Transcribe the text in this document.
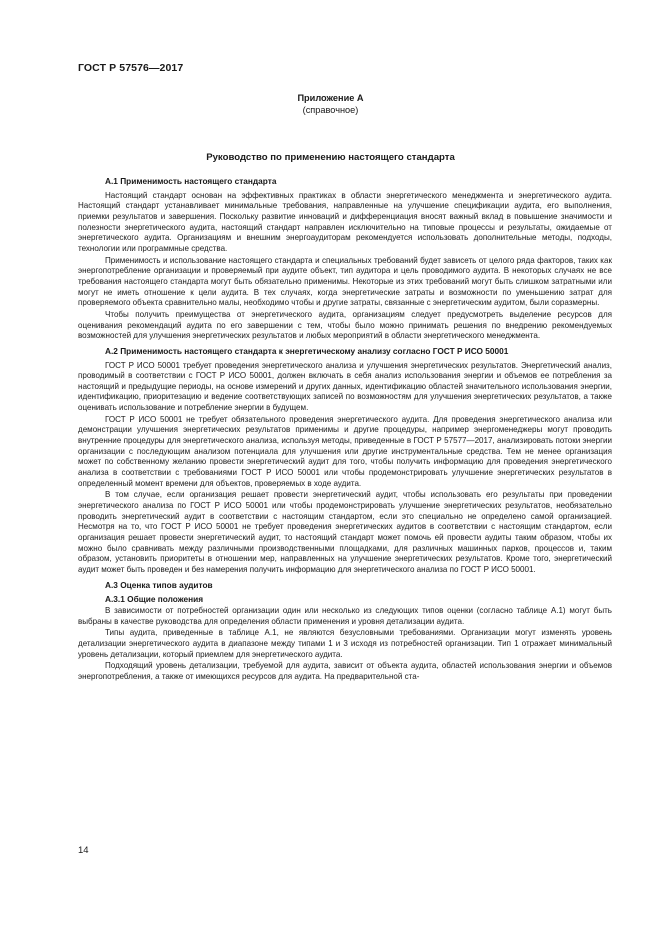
ГОСТ Р 57576—2017
Приложение А
(справочное)
Руководство по применению настоящего стандарта
А.1 Применимость настоящего стандарта
Настоящий стандарт основан на эффективных практиках в области энергетического менеджмента и энергетического аудита. Настоящий стандарт устанавливает минимальные требования, направленные на улучшение спецификации аудита, его выполнения, приемки результатов и завершения. Поскольку развитие инноваций и дифференциация вносят важный вклад в повышение значимости и полезности энергетического аудита, настоящий стандарт направлен исключительно на типовые процессы и результаты, ожидаемые от энергетического аудита. Организациям и внешним энергоаудиторам рекомендуется использовать дополнительные методы, подходы, технологии или программные средства.
Применимость и использование настоящего стандарта и специальных требований будет зависеть от целого ряда факторов, таких как энергопотребление организации и проверяемый при аудите объект, тип аудитора и цель проводимого аудита. В некоторых случаях не все требования настоящего стандарта могут быть обязательно применимы. Некоторые из этих требований могут быть слишком затратными или могут не иметь отношение к цели аудита. В тех случаях, когда энергетические затраты и возможности по уменьшению затрат для проверяемого объекта сравнительно малы, необходимо чтобы и другие затраты, связанные с энергетическим аудитом, были соразмерны.
Чтобы получить преимущества от энергетического аудита, организациям следует предусмотреть выделение ресурсов для оценивания рекомендаций аудита по его завершении с тем, чтобы было можно принимать решения по внедрению рекомендуемых возможностей для улучшения энергетических результатов и любых мероприятий в области энергетического менеджмента.
А.2 Применимость настоящего стандарта к энергетическому анализу согласно ГОСТ Р ИСО 50001
ГОСТ Р ИСО 50001 требует проведения энергетического анализа и улучшения энергетических результатов. Энергетический анализ, проводимый в соответствии с ГОСТ Р ИСО 50001, должен включать в себя анализ использования энергии и объемов ее потребления за настоящий и предыдущие периоды, на основе измерений и других данных, идентификацию областей значительного использования энергии, идентификацию, приоритезацию и ведение соответствующих записей по возможностям для улучшения энергетических результатов, а также оценивать использование и потребление энергии в будущем.
ГОСТ Р ИСО 50001 не требует обязательного проведения энергетического аудита. Для проведения энергетического анализа или демонстрации улучшения энергетических результатов применимы и другие процедуры, например энергоменеджеры могут проводить внутренние процедуры для энергетического анализа, используя методы, приведенные в ГОСТ Р 57577—2017, анализировать потоки энергии организации с последующим анализом потенциала для улучшения или другие инструментальные средства. Тем не менее организация может по собственному желанию провести энергетический аудит для того, чтобы получить информацию для проведения энергетического анализа в соответствии с требованиями ГОСТ Р ИСО 50001 или чтобы продемонстрировать улучшение энергетических результатов в определенный момент времени для объектов, проверяемых в ходе аудита.
В том случае, если организация решает провести энергетический аудит, чтобы использовать его результаты при проведении энергетического анализа по ГОСТ Р ИСО 50001 или чтобы продемонстрировать улучшение энергетических результатов, необязательно проводить энергетический аудит в соответствии с настоящим стандартом, если это специально не определено самой организацией. Несмотря на то, что ГОСТ Р ИСО 50001 не требует проведения энергетических аудитов в соответствии с настоящим стандартом, если организация решает провести энергетический аудит, то настоящий стандарт может помочь ей провести аудиты таким образом, чтобы их можно было сравнивать между различными производственными площадками, для различных машинных парков, процессов и, таким образом, установить приоритеты в отношении мер, направленных на улучшение энергетических результатов. Кроме того, энергетический аудит может быть проведен и без намерения получить информацию для энергетического анализа по ГОСТ Р ИСО 50001.
А.3 Оценка типов аудитов
А.3.1 Общие положения
В зависимости от потребностей организации один или несколько из следующих типов оценки (согласно таблице А.1) могут быть выбраны в качестве руководства для определения области применения и уровня детализации аудита.
Типы аудита, приведенные в таблице А.1, не являются безусловными требованиями. Организации могут изменять уровень детализации энергетического аудита в диапазоне между типами 1 и 3 исходя из потребностей организации. Тип 1 отражает минимальный уровень детализации, который приемлем для энергетического аудита.
Подходящий уровень детализации, требуемой для аудита, зависит от объекта аудита, областей использования энергии и объемов энергопотребления, а также от имеющихся ресурсов для аудита. На предварительной ста-
14
